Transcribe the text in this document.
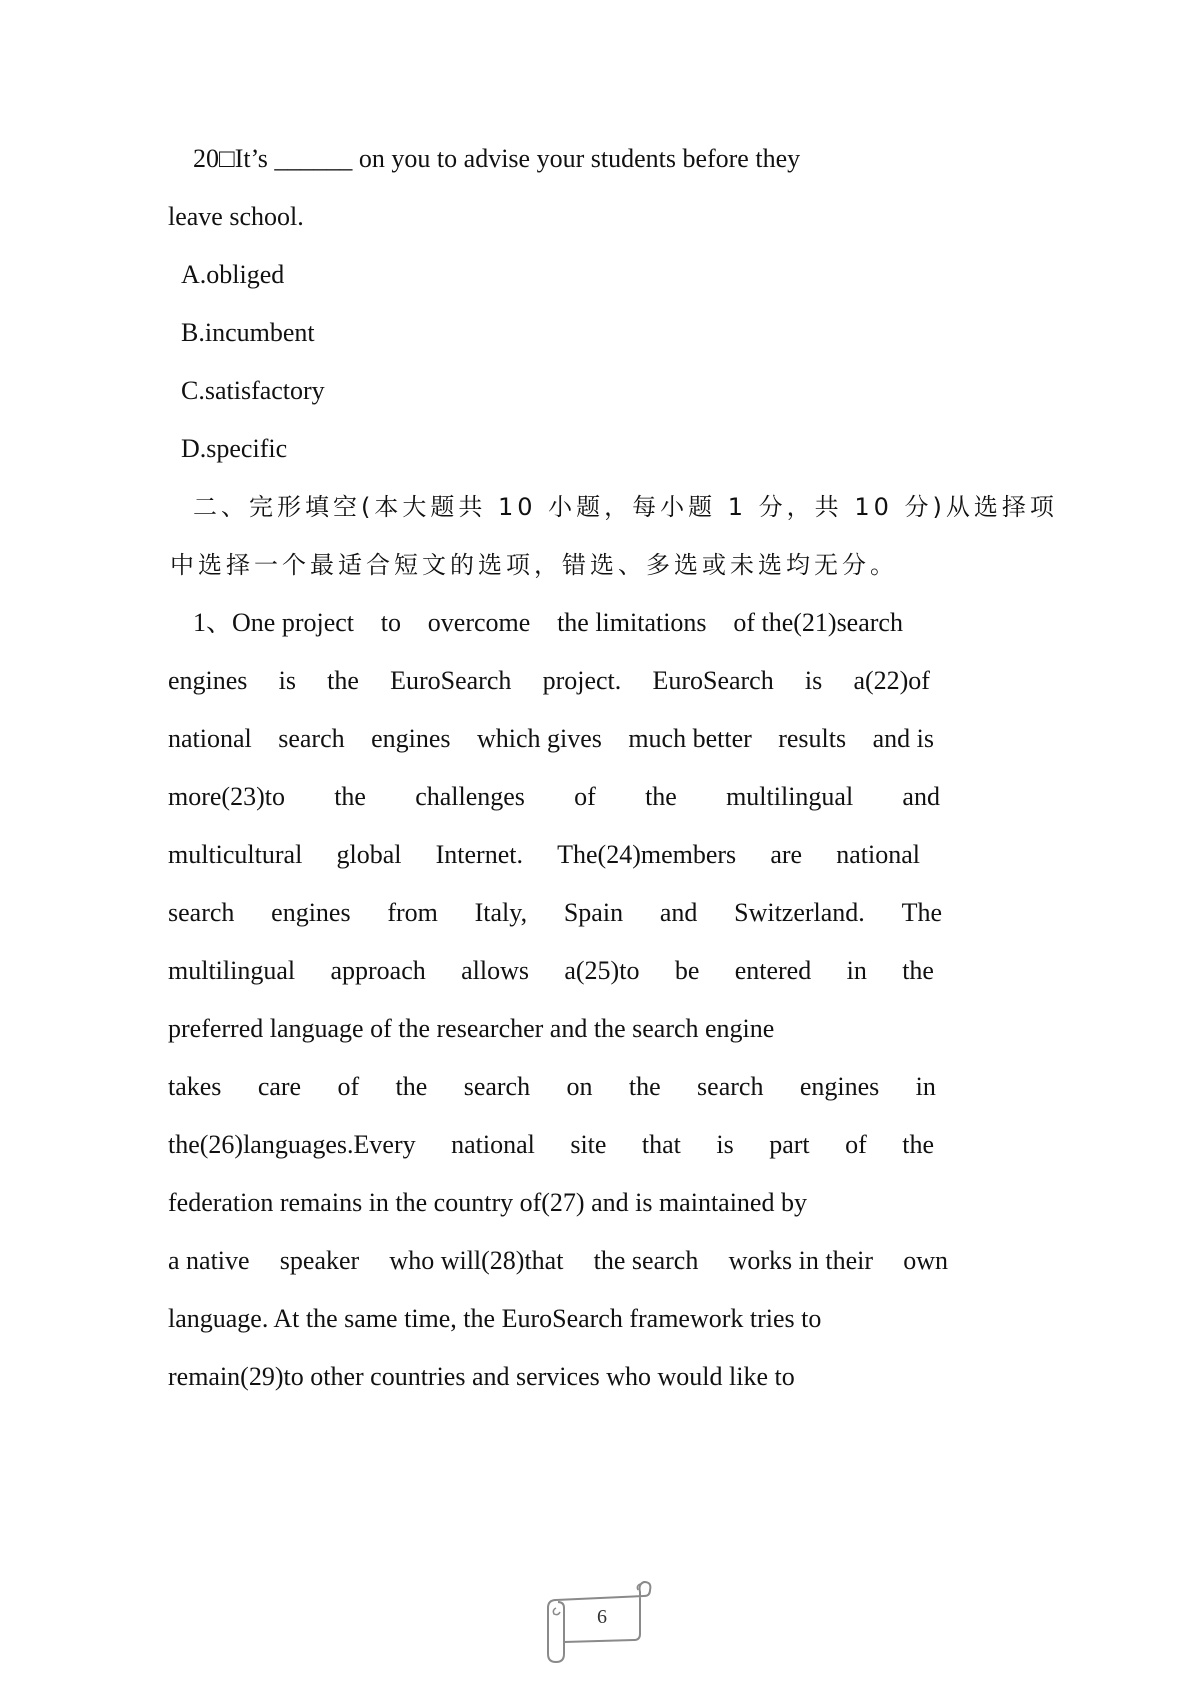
20□It’s ______ on you to advise your students before they
leave school.
A.obliged
B.incumbent
C.satisfactory
D.specific
二、完形填空(本大题共 10 小题，每小题 1 分，共 10 分)从选择项
中选择一个最适合短文的选项，错选、多选或未选均无分。
1、One project to overcome the limitations of the(21)search
engines is the EuroSearch project. EuroSearch is a(22)of
national search engines which gives much better results and is
more(23)to the challenges of the multilingual and
multicultural global Internet. The(24)members are national
search engines from Italy, Spain and Switzerland. The
multilingual approach allows a(25)to be entered in the
preferred language of the researcher and the search engine
takes care of the search on the search engines in
the(26)languages.Every national site that is part of the
federation remains in the country of(27) and is maintained by
a native speaker who will(28)that the search works in their own
language. At the same time, the EuroSearch framework tries to
remain(29)to other countries and services who would like to
6
